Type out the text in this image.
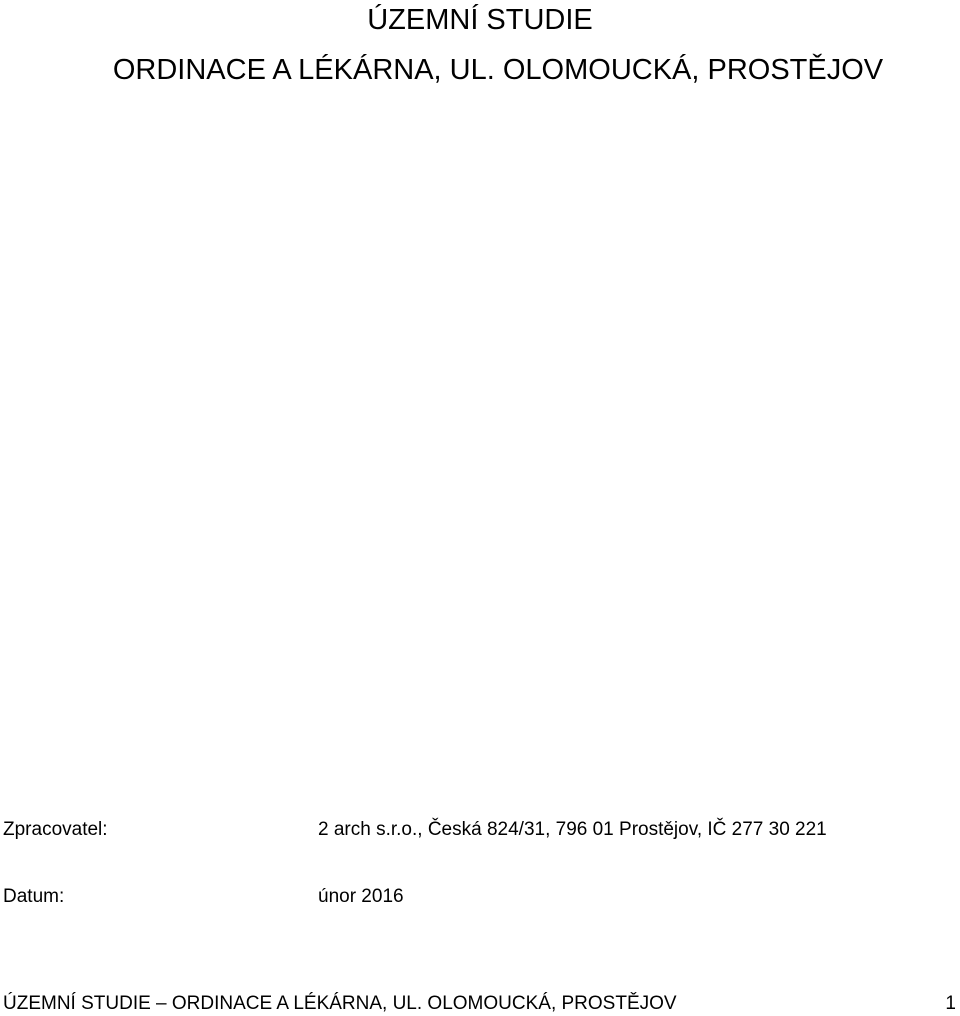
ÚZEMNÍ STUDIE
ORDINACE A LÉKÁRNA, UL. OLOMOUCKÁ, PROSTĚJOV
Zpracovatel:	2 arch s.r.o., Česká 824/31, 796 01 Prostějov, IČ 277 30 221
Datum:	únor 2016
ÚZEMNÍ STUDIE – ORDINACE A LÉKÁRNA, UL. OLOMOUCKÁ, PROSTĚJOV	1
